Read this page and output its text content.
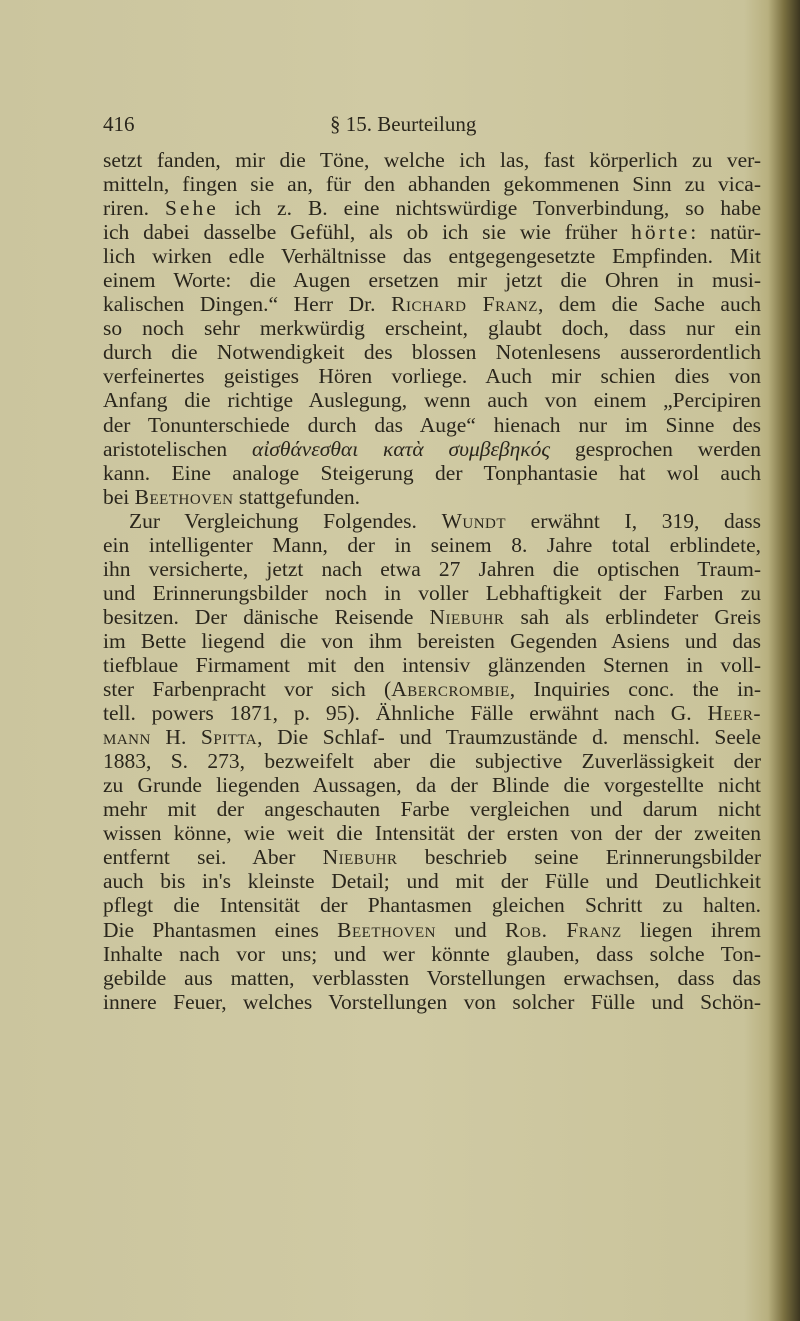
416	§ 15. Beurteilung
setzt fanden, mir die Töne, welche ich las, fast körperlich zu ver-
mitteln, fingen sie an, für den abhanden gekommenen Sinn zu vica-
riren. Sehe ich z. B. eine nichtswürdige Tonverbindung, so habe
ich dabei dasselbe Gefühl, als ob ich sie wie früher hörte: natür-
lich wirken edle Verhältnisse das entgegengesetzte Empfinden. Mit
einem Worte: die Augen ersetzen mir jetzt die Ohren in musi-
kalischen Dingen.“ Herr Dr. Richard Franz, dem die Sache auch
so noch sehr merkwürdig erscheint, glaubt doch, dass nur ein
durch die Notwendigkeit des blossen Notenlesens ausserordentlich
verfeinertes geistiges Hören vorliege. Auch mir schien dies von
Anfang die richtige Auslegung, wenn auch von einem „Percipiren
der Tonunterschiede durch das Auge“ hienach nur im Sinne des
aristotelischen αἰσθάνεσθαι κατὰ συμβεβηκός gesprochen werden
kann. Eine analoge Steigerung der Tonphantasie hat wol auch
bei Beethoven stattgefunden.
Zur Vergleichung Folgendes. Wundt erwähnt I, 319, dass
ein intelligenter Mann, der in seinem 8. Jahre total erblindete,
ihn versicherte, jetzt nach etwa 27 Jahren die optischen Traum-
und Erinnerungsbilder noch in voller Lebhaftigkeit der Farben zu
besitzen. Der dänische Reisende Niebuhr sah als erblindeter Greis
im Bette liegend die von ihm bereisten Gegenden Asiens und das
tiefblaue Firmament mit den intensiv glänzenden Sternen in voll-
ster Farbenpracht vor sich (Abercrombie, Inquiries conc. the in-
tell. powers 1871, p. 95). Ähnliche Fälle erwähnt nach G. Heer-
mann H. Spitta, Die Schlaf- und Traumzustände d. menschl. Seele
1883, S. 273, bezweifelt aber die subjective Zuverlässigkeit der
zu Grunde liegenden Aussagen, da der Blinde die vorgestellte nicht
mehr mit der angeschauten Farbe vergleichen und darum nicht
wissen könne, wie weit die Intensität der ersten von der der zweiten
entfernt sei. Aber Niebuhr beschrieb seine Erinnerungsbilder
auch bis in's kleinste Detail; und mit der Fülle und Deutlichkeit
pflegt die Intensität der Phantasmen gleichen Schritt zu halten.
Die Phantasmen eines Beethoven und Rob. Franz liegen ihrem
Inhalte nach vor uns; und wer könnte glauben, dass solche Ton-
gebilde aus matten, verblassten Vorstellungen erwachsen, dass das
innere Feuer, welches Vorstellungen von solcher Fülle und Schön-
